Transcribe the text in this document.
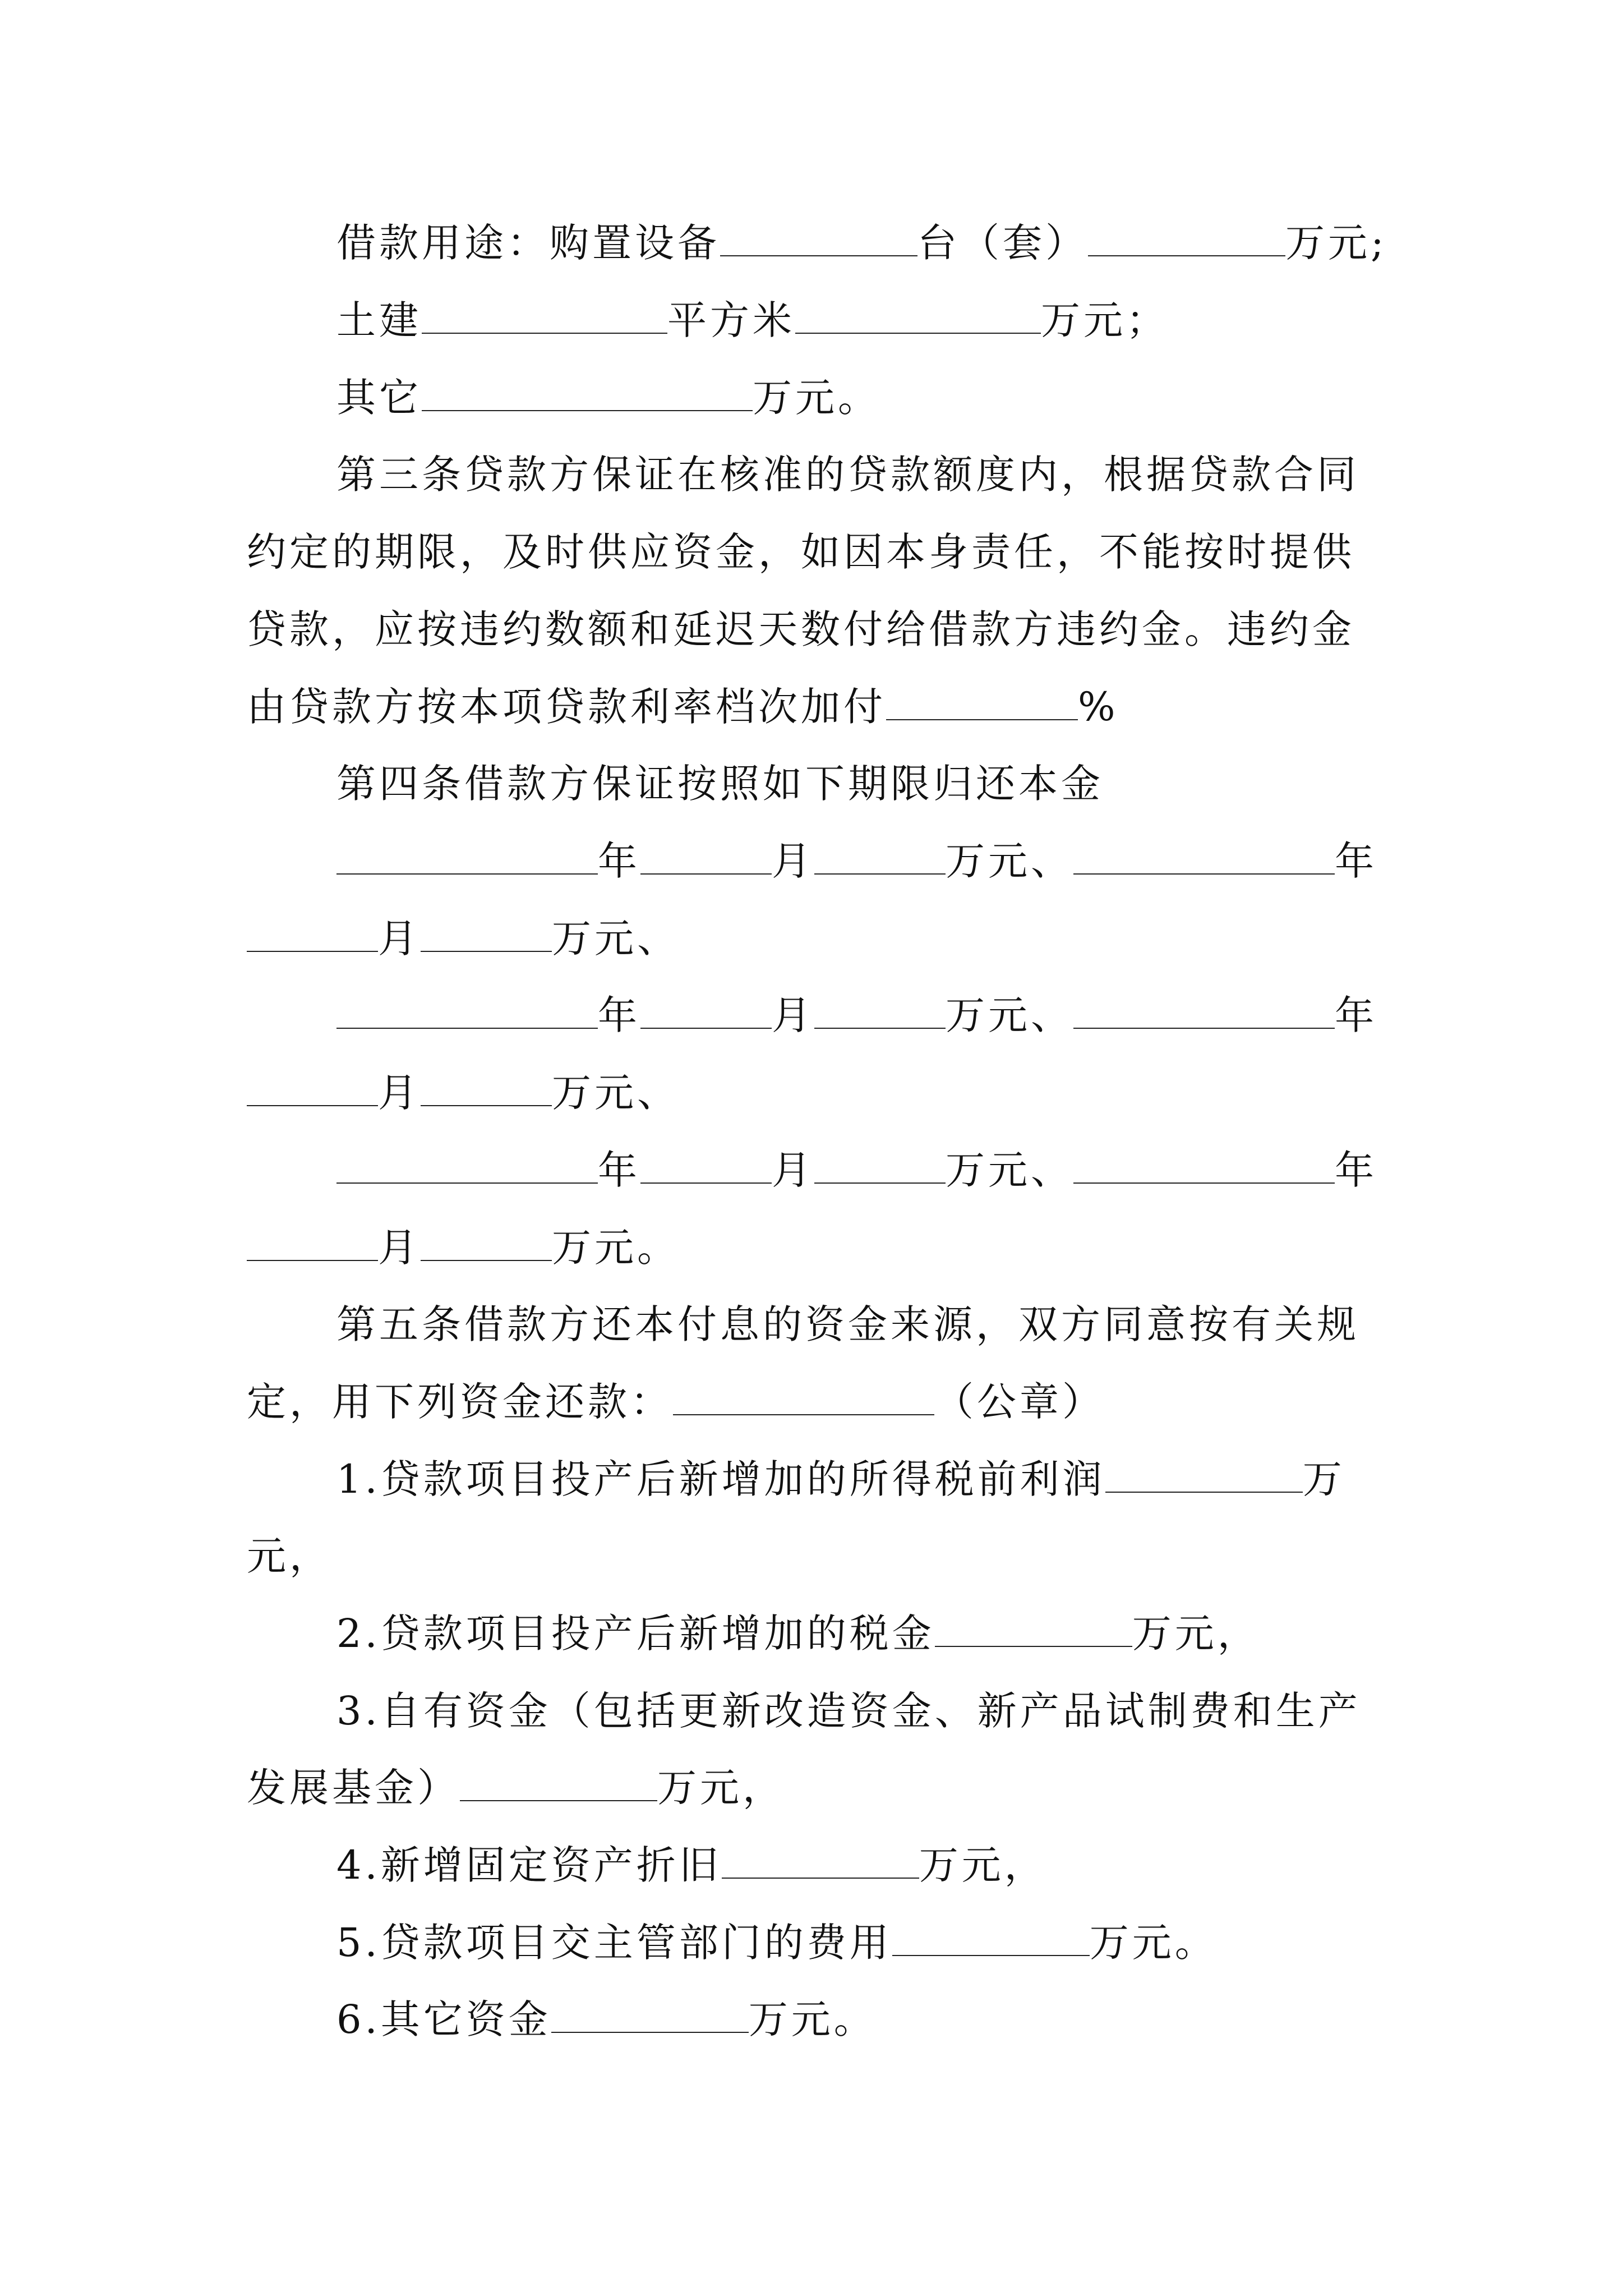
借款用途：购置设备	台（套）	万元;
土建	平方米	万元；
其它	万元。
第三条贷款方保证在核准的贷款额度内，根据贷款合同
约定的期限，及时供应资金，如因本身责任，不能按时提供
贷款，应按违约数额和延迟天数付给借款方违约金。违约金
由贷款方按本项贷款利率档次加付	%
第四条借款方保证按照如下期限归还本金
年	月	万元、	年
月	万元、
年	月	万元、	年
月	万元、
年	月	万元、	年
月	万元。
第五条借款方还本付息的资金来源，双方同意按有关规
定，用下列资金还款：	（公章）
1.贷款项目投产后新增加的所得税前利润	万
元，
2.贷款项目投产后新增加的税金	万元，
3.自有资金（包括更新改造资金、新产品试制费和生产
发展基金）	万元，
4.新增固定资产折旧	万元，
5.贷款项目交主管部门的费用	万元。
6.其它资金	万元。
